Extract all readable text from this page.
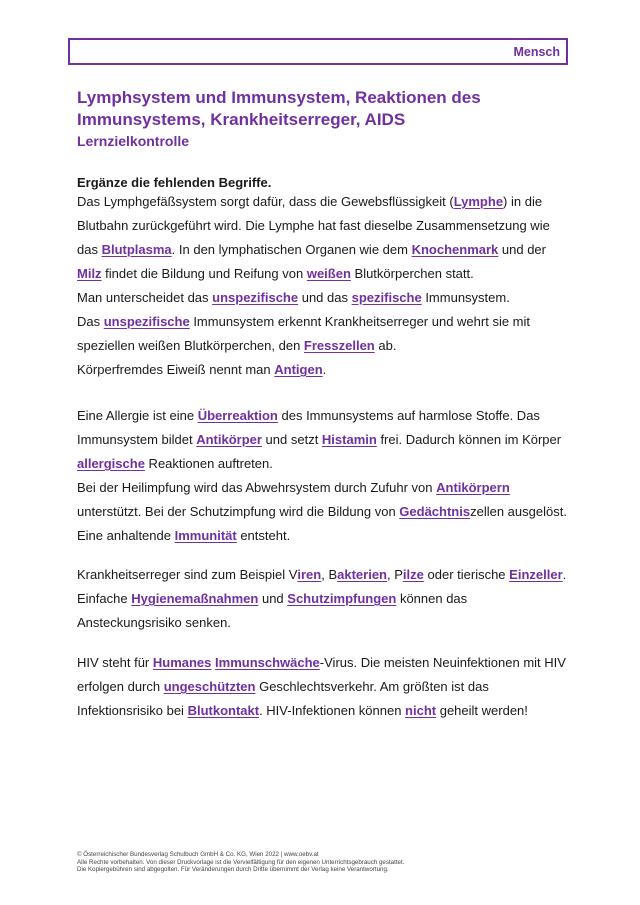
Mensch
Lymphsystem und Immunsystem, Reaktionen des
Immunsystems, Krankheitserreger, AIDS
Lernzielkontrolle
Ergänze die fehlenden Begriffe.
Das Lymphgefäßsystem sorgt dafür, dass die Gewebsflüssigkeit (Lymphe) in die
Blutbahn zurückgeführt wird. Die Lymphe hat fast dieselbe Zusammensetzung wie
das Blutplasma. In den lymphatischen Organen wie dem Knochenmark und der
Milz findet die Bildung und Reifung von weißen Blutkörperchen statt.
Man unterscheidet das unspezifische und das spezifische Immunsystem.
Das unspezifische Immunsystem erkennt Krankheitserreger und wehrt sie mit
speziellen weißen Blutkörperchen, den Fresszellen ab.
Körperfremdes Eiweiß nennt man Antigen.
Eine Allergie ist eine Überreaktion des Immunsystems auf harmlose Stoffe. Das
Immunsystem bildet Antikörper und setzt Histamin frei. Dadurch können im Körper
allergische Reaktionen auftreten.
Bei der Heilimpfung wird das Abwehrsystem durch Zufuhr von Antikörpern
unterstützt. Bei der Schutzimpfung wird die Bildung von Gedächtniszellen ausgelöst.
Eine anhaltende Immunität entsteht.
Krankheitserreger sind zum Beispiel Viren, Bakterien, Pilze oder tierische Einzeller.
Einfache Hygienemaßnahmen und Schutzimpfungen können das
Ansteckungsrisiko senken.
HIV steht für Humanes Immunschwäche-Virus. Die meisten Neuinfektionen mit HIV
erfolgen durch ungeschützten Geschlechtsverkehr. Am größten ist das
Infektionsrisiko bei Blutkontakt. HIV-Infektionen können nicht geheilt werden!
© Österreichischer Bundesverlag Schulbuch GmbH & Co. KG, Wien 2022 | www.oebv.at
Alle Rechte vorbehalten. Von dieser Druckvorlage ist die Vervielfältigung für den eigenen Unterrichtsgebrauch gestattet.
Die Kopiergebühren sind abgegolten. Für Veränderungen durch Dritte übernimmt der Verlag keine Verantwortung.
